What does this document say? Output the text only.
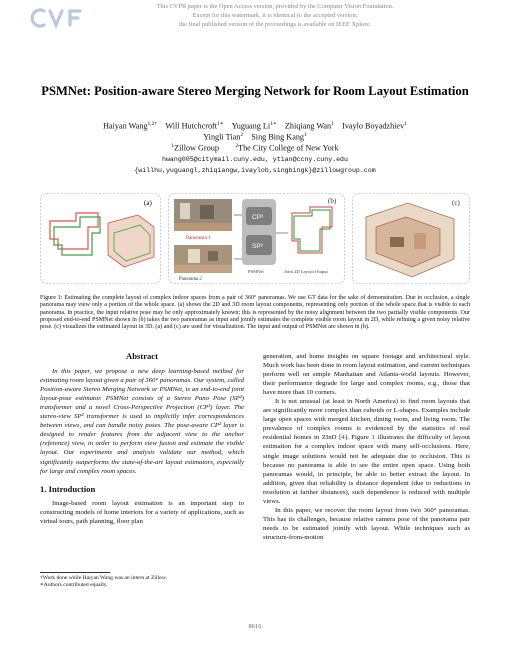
This CVPR paper is the Open Access version, provided by the Computer Vision Foundation.
Except for this watermark, it is identical to the accepted version;
the final published version of the proceedings is available on IEEE Xplore.
PSMNet: Position-aware Stereo Merging Network for Room Layout Estimation
Haiyan Wang$^{1,2\dagger}$    Will Hutchcroft$^{1∗}$    Yuguang $Li^{1∗}$    Zhiqiang Wan$^1$    Ivaylo Boyadzhiev$^1$
Yingli Tian$^2$    Sing Bing Kang$^1$
$^1$Zillow Group        $^2$The City College of New York
hwang005@citymail.cuny.edu, ytian@ccny.cuny.edu
{willhu,yuguangl,zhiqiangw,ivaylob,singbingk}@zillowgroup.com
(a)
Panorama 1
Panorama 2
CP²
SP²
PSMNet	Joint 2D Layout Output
(b)	(c)
Figure 1: Estimating the complete layout of complex indoor spaces from a pair of 360° panoramas. We use GT data for the sake of demonstration. Due to occlusion, a single panorama may view only a portion of the whole space. (a) shows the 2D and 3D room layout components, representing only portion of the whole space that is visible to each panorama. In practice, the input relative pose may be only approximately known; this is represented by the noisy alignment between the two partially visible components. Our proposed end-to-end PSMNet shown in (b) takes the two panoramas as input and jointly estimates the complete visible room layout in 2D, while refining a given noisy relative pose. (c) visualizes the estimated layout in 3D. (a) and (c) are used for visualization. The input and output of PSMNet are shown in (b).
Abstract

In this paper, we propose a new deep learning-based method for estimating room layout given a pair of 360° panoramas. Our system, called Position-aware Stereo Merging Network or PSMNet, is an end-to-end joint layout-pose estimator. PSMNet consists of a Stereo Pano Pose (SP²) transformer and a novel Cross-Perspective Projection (CP²) layer. The stereo-view SP² transformer is used to implicitly infer correspondences between views, and can handle noisy poses. The pose-aware CP² layer is designed to render features from the adjacent view to the anchor (reference) view, in order to perform view fusion and estimate the visible layout. Our experiments and analysis validate our method, which significantly outperforms the state-of-the-art layout estimators, especially for large and complex room spaces.

1. Introduction

Image-based room layout estimation is an important step to constructing models of home interiors for a variety of applications, such as virtual tours, path planning, floor plan

†Work done while Haiyan Wang was an intern at Zillow.
∗Authors contributed equally.

generation, and home insights on square footage and architectural style. Much work has been done in room layout estimation, and current techniques perform well on simple Manhattan and Atlanta-world layouts. However, their performance degrade for large and complex rooms, e.g., those that have more than 10 corners.

It is not unusual (at least in North America) to find room layouts that are significantly more complex than cuboids or L-shapes. Examples include large open spaces with merged kitchen, dining room, and living room. The prevalence of complex rooms is evidenced by the statistics of real residential homes in ZInD [4]. Figure 1 illustrates the difficulty of layout estimation for a complex indoor space with many self-occlusions. Here, single image solutions would not be adequate due to occlusion. This is because no panorama is able to see the entire open space. Using both panoramas would, in principle, be able to better extract the layout. In addition, given that reliability is distance dependent (due to reductions in resolution at farther distances), such dependence is reduced with multiple views.

In this paper, we recover the room layout from two 360° panoramas. This has its challenges, because relative camera pose of the panorama pair needs to be estimated jointly with layout. While techniques such as structure-from-motion

8616
